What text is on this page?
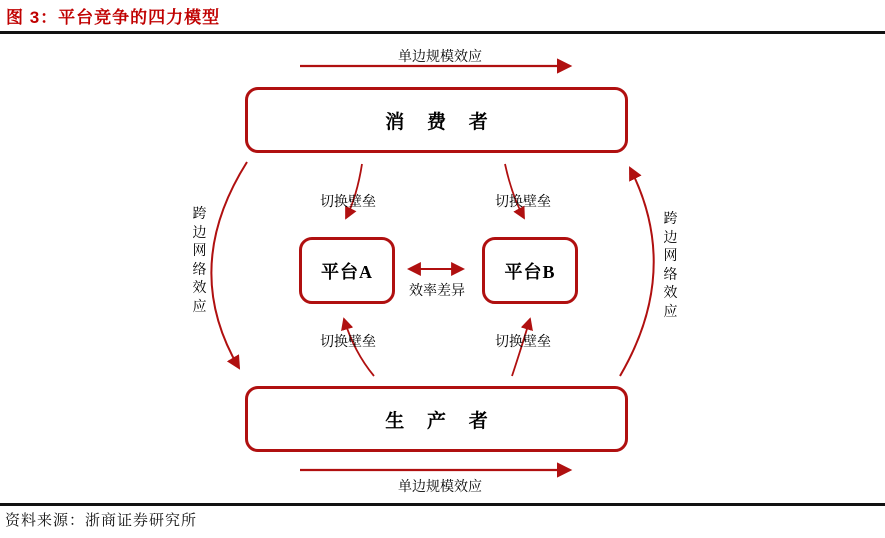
图 3：平台竞争的四力模型
消 费 者
生 产 者
平台A	平台B
单边规模效应
单边规模效应
效率差异
切换壁垒	切换壁垒
切换壁垒	切换壁垒
跨边网络效应
跨边网络效应
资料来源：浙商证券研究所
